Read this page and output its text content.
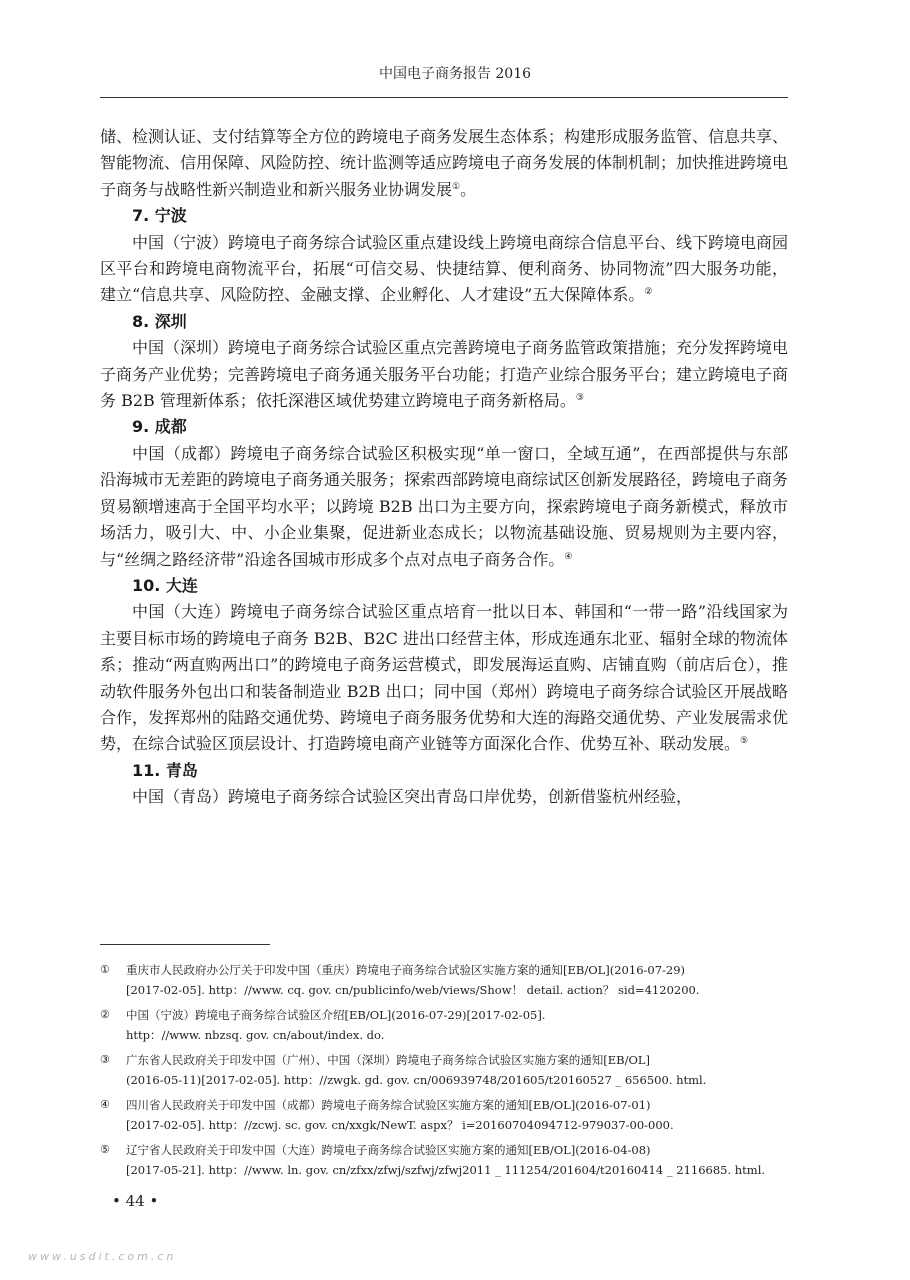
中国电子商务报告 2016

储、检测认证、支付结算等全方位的跨境电子商务发展生态体系；构建形成服务监管、信息共享、智能物流、信用保障、风险防控、统计监测等适应跨境电子商务发展的体制机制；加快推进跨境电子商务与战略性新兴制造业和新兴服务业协调发展①。

7. 宁波

中国（宁波）跨境电子商务综合试验区重点建设线上跨境电商综合信息平台、线下跨境电商园区平台和跨境电商物流平台，拓展“可信交易、快捷结算、便利商务、协同物流”四大服务功能，建立“信息共享、风险防控、金融支撑、企业孵化、人才建设”五大保障体系。②

8. 深圳

中国（深圳）跨境电子商务综合试验区重点完善跨境电子商务监管政策措施；充分发挥跨境电子商务产业优势；完善跨境电子商务通关服务平台功能；打造产业综合服务平台；建立跨境电子商务 B2B 管理新体系；依托深港区域优势建立跨境电子商务新格局。③

9. 成都

中国（成都）跨境电子商务综合试验区积极实现“单一窗口，全域互通”，在西部提供与东部沿海城市无差距的跨境电子商务通关服务；探索西部跨境电商综试区创新发展路径，跨境电子商务贸易额增速高于全国平均水平；以跨境 B2B 出口为主要方向，探索跨境电子商务新模式，释放市场活力，吸引大、中、小企业集聚，促进新业态成长；以物流基础设施、贸易规则为主要内容，与“丝绸之路经济带”沿途各国城市形成多个点对点电子商务合作。④

10. 大连

中国（大连）跨境电子商务综合试验区重点培育一批以日本、韩国和“一带一路”沿线国家为主要目标市场的跨境电子商务 B2B、B2C 进出口经营主体，形成连通东北亚、辐射全球的物流体系；推动“两直购两出口”的跨境电子商务运营模式，即发展海运直购、店铺直购（前店后仓），推动软件服务外包出口和装备制造业 B2B 出口；同中国（郑州）跨境电子商务综合试验区开展战略合作，发挥郑州的陆路交通优势、跨境电子商务服务优势和大连的海路交通优势、产业发展需求优势，在综合试验区顶层设计、打造跨境电商产业链等方面深化合作、优势互补、联动发展。⑤

11. 青岛

中国（青岛）跨境电子商务综合试验区突出青岛口岸优势，创新借鉴杭州经验，

① 重庆市人民政府办公厅关于印发中国（重庆）跨境电子商务综合试验区实施方案的通知[EB/OL](2016-07-29)
[2017-02-05]. http：//www. cq. gov. cn/publicinfo/web/views/Show！ detail. action？ sid=4120200.
② 中国（宁波）跨境电子商务综合试验区介绍[EB/OL](2016-07-29)[2017-02-05].
http：//www. nbzsq. gov. cn/about/index. do.
③ 广东省人民政府关于印发中国（广州）、中国（深圳）跨境电子商务综合试验区实施方案的通知[EB/OL]
(2016-05-11)[2017-02-05]. http：//zwgk. gd. gov. cn/006939748/201605/t20160527 _ 656500. html.
④ 四川省人民政府关于印发中国（成都）跨境电子商务综合试验区实施方案的通知[EB/OL](2016-07-01)
[2017-02-05]. http：//zcwj. sc. gov. cn/xxgk/NewT. aspx？ i=20160704094712-979037-00-000.
⑤ 辽宁省人民政府关于印发中国（大连）跨境电子商务综合试验区实施方案的通知[EB/OL](2016-04-08)
[2017-05-21]. http：//www. ln. gov. cn/zfxx/zfwj/szfwj/zfwj2011 _ 111254/201604/t20160414 _ 2116685. html.
• 44 •
www.usdit.com.cn
